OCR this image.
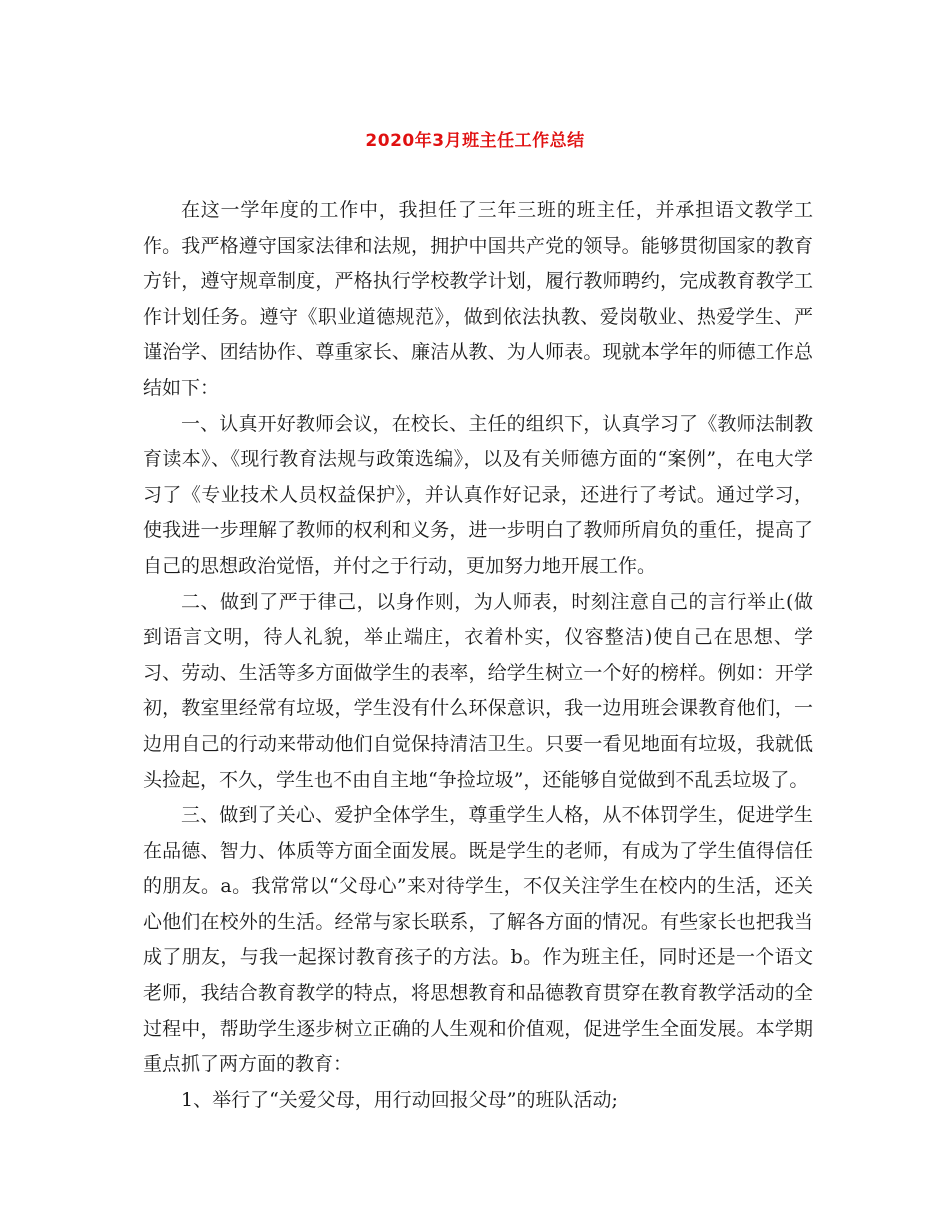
2020年3月班主任工作总结

在这一学年度的工作中，我担任了三年三班的班主任，并承担语文教学工作。我严格遵守国家法律和法规，拥护中国共产党的领导。能够贯彻国家的教育方针，遵守规章制度，严格执行学校教学计划，履行教师聘约，完成教育教学工作计划任务。遵守《职业道德规范》，做到依法执教、爱岗敬业、热爱学生、严谨治学、团结协作、尊重家长、廉洁从教、为人师表。现就本学年的师德工作总结如下：

一、认真开好教师会议，在校长、主任的组织下，认真学习了《教师法制教育读本》、《现行教育法规与政策选编》，以及有关师德方面的“案例”，在电大学习了《专业技术人员权益保护》，并认真作好记录，还进行了考试。通过学习，使我进一步理解了教师的权利和义务，进一步明白了教师所肩负的重任，提高了自己的思想政治觉悟，并付之于行动，更加努力地开展工作。

二、做到了严于律己，以身作则，为人师表，时刻注意自己的言行举止(做到语言文明，待人礼貌，举止端庄，衣着朴实，仪容整洁)使自己在思想、学习、劳动、生活等多方面做学生的表率，给学生树立一个好的榜样。例如：开学初，教室里经常有垃圾，学生没有什么环保意识，我一边用班会课教育他们，一边用自己的行动来带动他们自觉保持清洁卫生。只要一看见地面有垃圾，我就低头捡起，不久，学生也不由自主地“争捡垃圾”，还能够自觉做到不乱丢垃圾了。

三、做到了关心、爱护全体学生，尊重学生人格，从不体罚学生，促进学生在品德、智力、体质等方面全面发展。既是学生的老师，有成为了学生值得信任的朋友。a。我常常以“父母心”来对待学生，不仅关注学生在校内的生活，还关心他们在校外的生活。经常与家长联系，了解各方面的情况。有些家长也把我当成了朋友，与我一起探讨教育孩子的方法。b。作为班主任，同时还是一个语文老师，我结合教育教学的特点，将思想教育和品德教育贯穿在教育教学活动的全过程中，帮助学生逐步树立正确的人生观和价值观，促进学生全面发展。本学期重点抓了两方面的教育：

1、举行了“关爱父母，用行动回报父母”的班队活动;
